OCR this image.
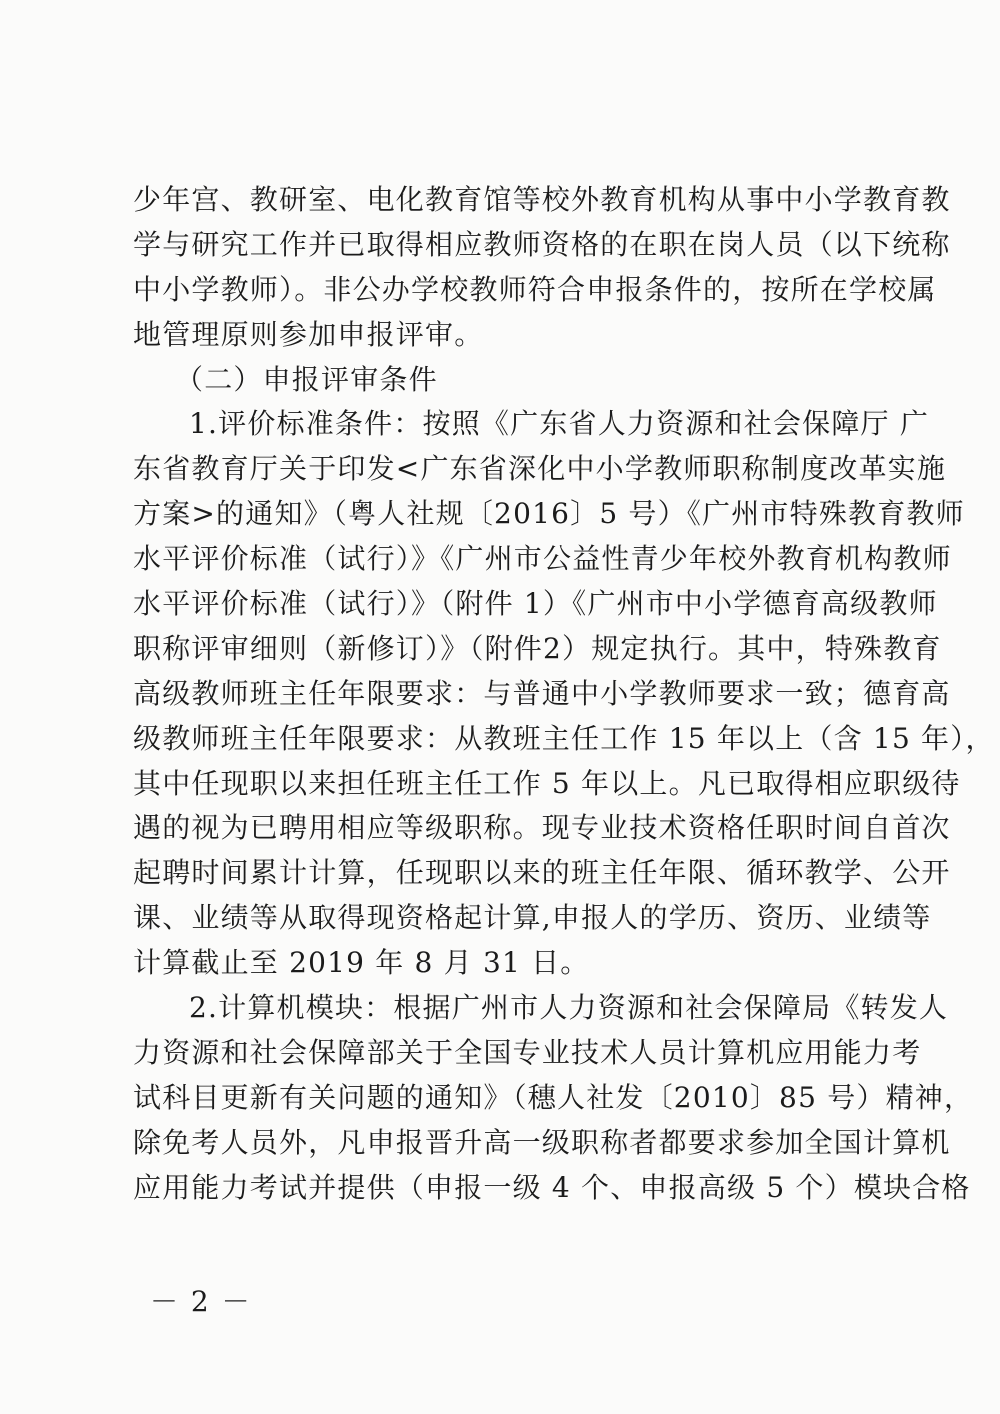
少年宫、教研室、电化教育馆等校外教育机构从事中小学教育教
学与研究工作并已取得相应教师资格的在职在岗人员（以下统称
中小学教师）。非公办学校教师符合申报条件的，按所在学校属
地管理原则参加申报评审。
（二）申报评审条件
1.评价标准条件：按照《广东省人力资源和社会保障厅 广
东省教育厅关于印发<广东省深化中小学教师职称制度改革实施
方案>的通知》（粤人社规〔2016〕5 号）《广州市特殊教育教师
水平评价标准（试行）》《广州市公益性青少年校外教育机构教师
水平评价标准（试行）》（附件 1）《广州市中小学德育高级教师
职称评审细则（新修订）》（附件2）规定执行。其中，特殊教育
高级教师班主任年限要求：与普通中小学教师要求一致；德育高
级教师班主任年限要求：从教班主任工作 15 年以上（含 15 年），
其中任现职以来担任班主任工作 5 年以上。凡已取得相应职级待
遇的视为已聘用相应等级职称。现专业技术资格任职时间自首次
起聘时间累计计算，任现职以来的班主任年限、循环教学、公开
课、业绩等从取得现资格起计算,申报人的学历、资历、业绩等
计算截止至 2019 年 8 月 31 日。
2.计算机模块：根据广州市人力资源和社会保障局《转发人
力资源和社会保障部关于全国专业技术人员计算机应用能力考
试科目更新有关问题的通知》（穗人社发〔2010〕85 号）精神，
除免考人员外，凡申报晋升高一级职称者都要求参加全国计算机
应用能力考试并提供（申报一级 4 个、申报高级 5 个）模块合格
－ 2 －
